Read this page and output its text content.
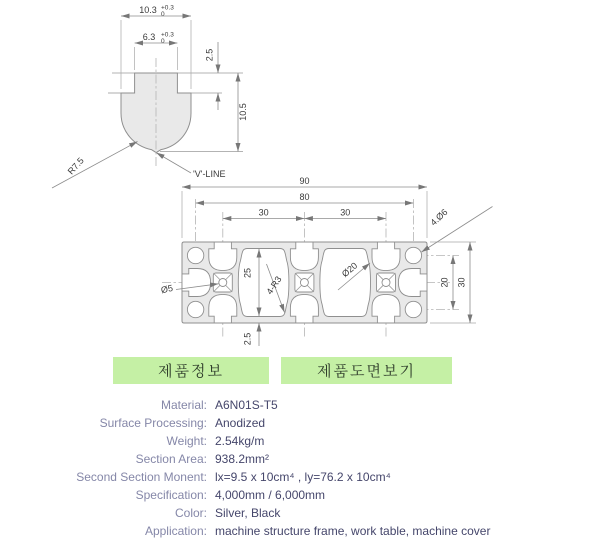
10.3 +0.3
0
6.3 +0.3
0
2.5
10.5
R7.5	'V'-LINE
90
80
30	30
30
20
25
2.5
Ø5	4-R3
Ø20
4.Ø6
제품정보	제품도면보기
Material: A6N01S-T5
Surface Processing: Anodized
Weight: 2.54kg/m
Section Area: 938.2mm²
Second Section Monent: lx=9.5 x 10cm⁴ , ly=76.2 x 10cm⁴
Specification: 4,000mm / 6,000mm
Color: Silver, Black
Application: machine structure frame, work table, machine cover
